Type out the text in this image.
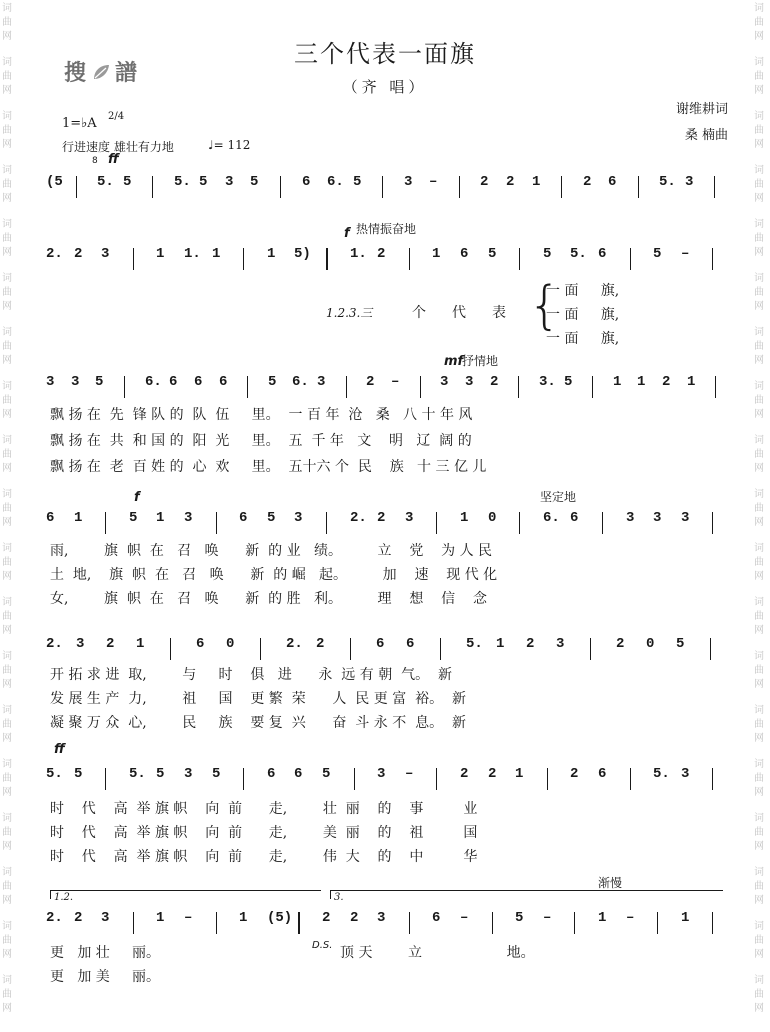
词
曲
网
词
曲
网
词
曲
网
词
曲
网
词
曲
网
词
曲
网
词
曲
网
词
曲
网
词
曲
网
词
曲
网
词
曲
网
词
曲
网
词
曲
网
词
曲
网
词
曲
网
词
曲
网
词
曲
网
词
曲
网
词
曲
网
词
曲
网
词
曲
网
词
曲
网
词
曲
网
词
曲
网
词
曲
网
词
曲
网
词
曲
网
词
曲
网
词
曲
网
词
曲
网
词
曲
网
词
曲
网
词
曲
网
词
曲
网
词
曲
网
词
曲
网
词
曲
网
词
曲
网
搜 譜
三个代表一面旗
（齐 唱）
谢维耕词
桑 楠曲
1=♭A 2/4
行进速度 雄壮有力地	♩= 112
ff
8
f 热情振奋地
mf
抒情地
f	坚定地
ff
渐慢
D.S.
1.2.	3.
(5 5. 5	5. 5 3 5	6 6. 5	3 –	2 2 1	2 6	5. 3
2. 2 3	1 1. 1	1 5)	1. 2	1 6 5	5 5. 6	5 –
3 3 5	6. 6 6 6	5 6. 3	2 –	3 3 2	3. 5	1 1 2 1
6 1	5 1 3	6 5 3	2. 2 3	1 0	6. 6	3 3 3
2. 3 2 1	6 0	2. 2	6 6	5. 1 2 3	2 0 5
5. 5	5. 5 3 5	6 6 5	3 –	2 2 1	2 6	5. 3
2. 2 3	1 –	1 (5) 2 2 3	6 –	5 –	1 –	1
1.2.3.三	个 代 表 {
一 面     旗,
一 面     旗,
一 面     旗,
飘 扬 在  先  锋 队 的  队  伍     里。  一 百 年  沧   桑   八 十 年 风
飘 扬 在  共  和 国 的  阳  光     里。  五  千 年   文    明   辽  阔 的
飘 扬 在  老  百 姓 的  心  欢     里。  五十六 个  民    族   十 三 亿 儿
雨,        旗  帜  在   召   唤      新  的 业   绩。        立    党    为 人 民
土  地,    旗  帜  在   召   唤      新  的 崛   起。        加    速    现 代 化
女,        旗  帜  在   召   唤      新  的 胜   利。        理    想    信    念
开 拓 求 进  取,        与     时    俱   进      永  远 有 朝  气。  新
发 展 生 产  力,        祖     国    更 繁  荣      人  民 更 富  裕。  新
凝 聚 万 众  心,        民     族    要 复  兴      奋  斗 永 不  息。  新
时    代    高  举 旗 帜    向  前      走,        壮  丽    的    事         业
时    代    高  举 旗 帜    向  前      走,        美  丽    的    祖         国
时    代    高  举 旗 帜    向  前      走,        伟  大    的    中         华
更   加 壮     丽。
更   加 美     丽。
顶 天        立                   地。
